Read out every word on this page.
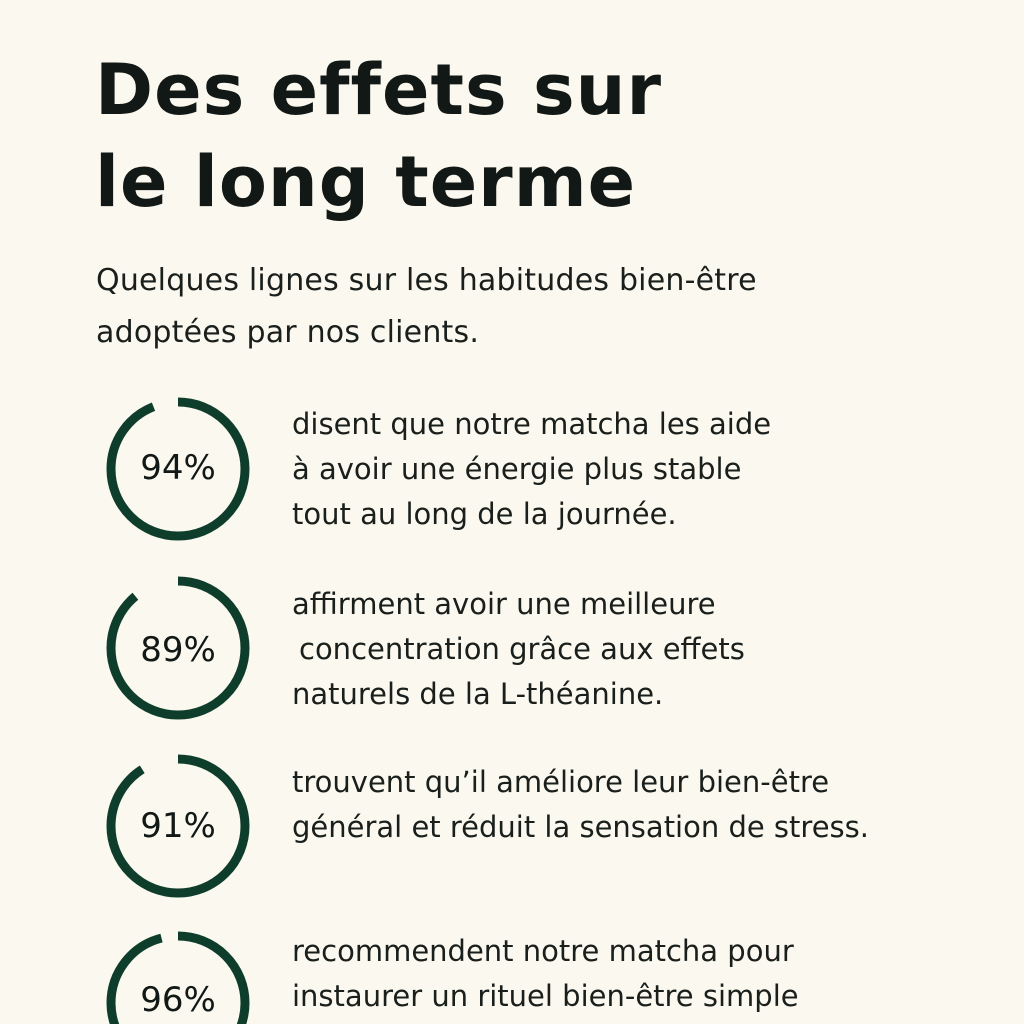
Des effets sur
le long terme

Quelques lignes sur les habitudes bien-être
adoptées par nos clients.

94%
disent que notre matcha les aide
à avoir une énergie plus stable
tout au long de la journée.
89%
affirment avoir une meilleure
concentration grâce aux effets
naturels de la L-théanine.
91%
trouvent qu’il améliore leur bien-être
général et réduit la sensation de stress.
96%
recommendent notre matcha pour
instaurer un rituel bien-être simple
